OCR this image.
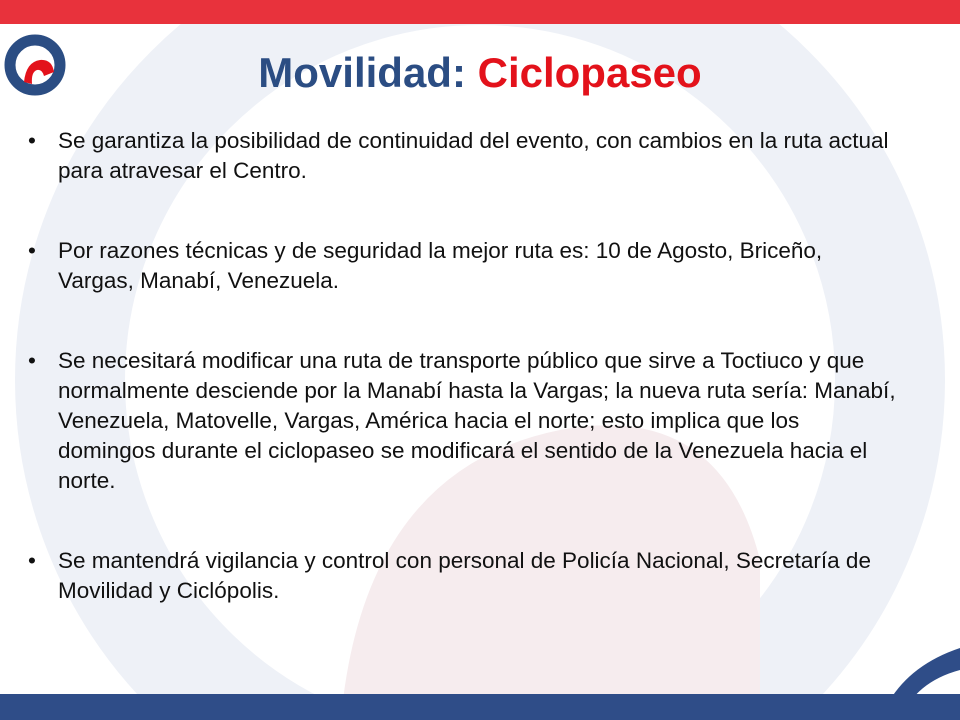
Movilidad: Ciclopaseo
• Se garantiza la posibilidad de continuidad del evento, con cambios en la ruta actual para atravesar el Centro.
• Por razones técnicas y de seguridad la mejor ruta es: 10 de Agosto, Briceño, Vargas, Manabí, Venezuela.
• Se necesitará modificar una ruta de transporte público que sirve a Toctiuco y que normalmente desciende por la Manabí hasta la Vargas; la nueva ruta sería: Manabí, Venezuela, Matovelle, Vargas, América hacia el norte; esto implica que los domingos durante el ciclopaseo se modificará el sentido de la Venezuela hacia el norte.
• Se mantendrá vigilancia y control con personal de Policía Nacional, Secretaría de Movilidad y Ciclópolis.
